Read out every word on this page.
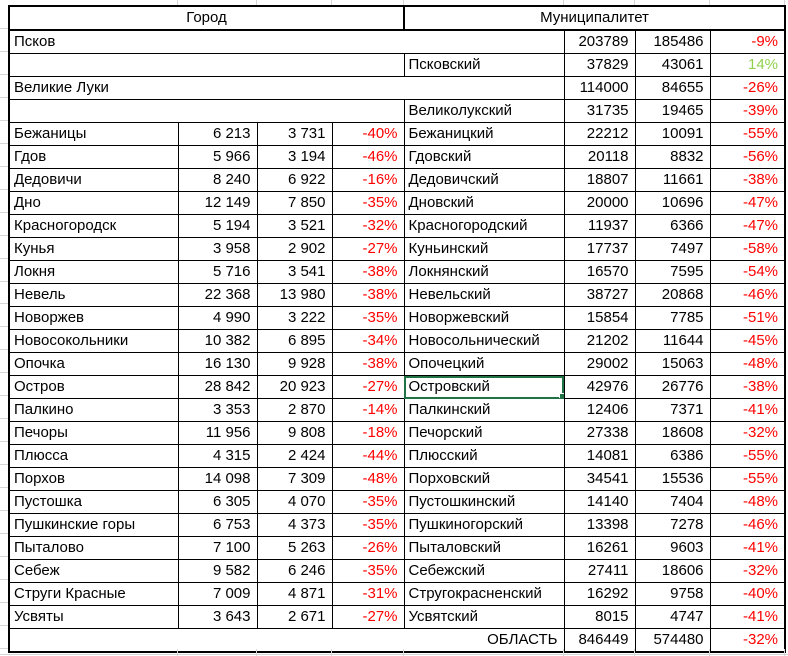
Город				Муниципалитет			
Псков					203789	185486	-9%
				Псковский	37829	43061	14%
Великие Луки					114000	84655	-26%
				Великолукский	31735	19465	-39%
Бежаницы	6 213	3 731	-40%	Бежаницкий	22212	10091	-55%
Гдов	5 966	3 194	-46%	Гдовский	20118	8832	-56%
Дедовичи	8 240	6 922	-16%	Дедовичский	18807	11661	-38%
Дно	12 149	7 850	-35%	Дновский	20000	10696	-47%
Красногородск	5 194	3 521	-32%	Красногородский	11937	6366	-47%
Кунья	3 958	2 902	-27%	Куньинский	17737	7497	-58%
Локня	5 716	3 541	-38%	Локнянский	16570	7595	-54%
Невель	22 368	13 980	-38%	Невельский	38727	20868	-46%
Новоржев	4 990	3 222	-35%	Новоржевский	15854	7785	-51%
Новосокольники	10 382	6 895	-34%	Новосольнический	21202	11644	-45%
Опочка	16 130	9 928	-38%	Опочецкий	29002	15063	-48%
Остров	28 842	20 923	-27%	Островский	42976	26776	-38%
Палкино	3 353	2 870	-14%	Палкинский	12406	7371	-41%
Печоры	11 956	9 808	-18%	Печорский	27338	18608	-32%
Плюсса	4 315	2 424	-44%	Плюсский	14081	6386	-55%
Порхов	14 098	7 309	-48%	Порховский	34541	15536	-55%
Пустошка	6 305	4 070	-35%	Пустошкинский	14140	7404	-48%
Пушкинские горы	6 753	4 373	-35%	Пушкиногорский	13398	7278	-46%
Пыталово	7 100	5 263	-26%	Пыталовский	16261	9603	-41%
Себеж	9 582	6 246	-35%	Себежский	27411	18606	-32%
Струги Красные	7 009	4 871	-31%	Стругокрасненский	16292	9758	-40%
Усвяты	3 643	2 671	-27%	Усвятский	8015	4747	-41%
ОБЛАСТЬ					846449	574480	-32%
